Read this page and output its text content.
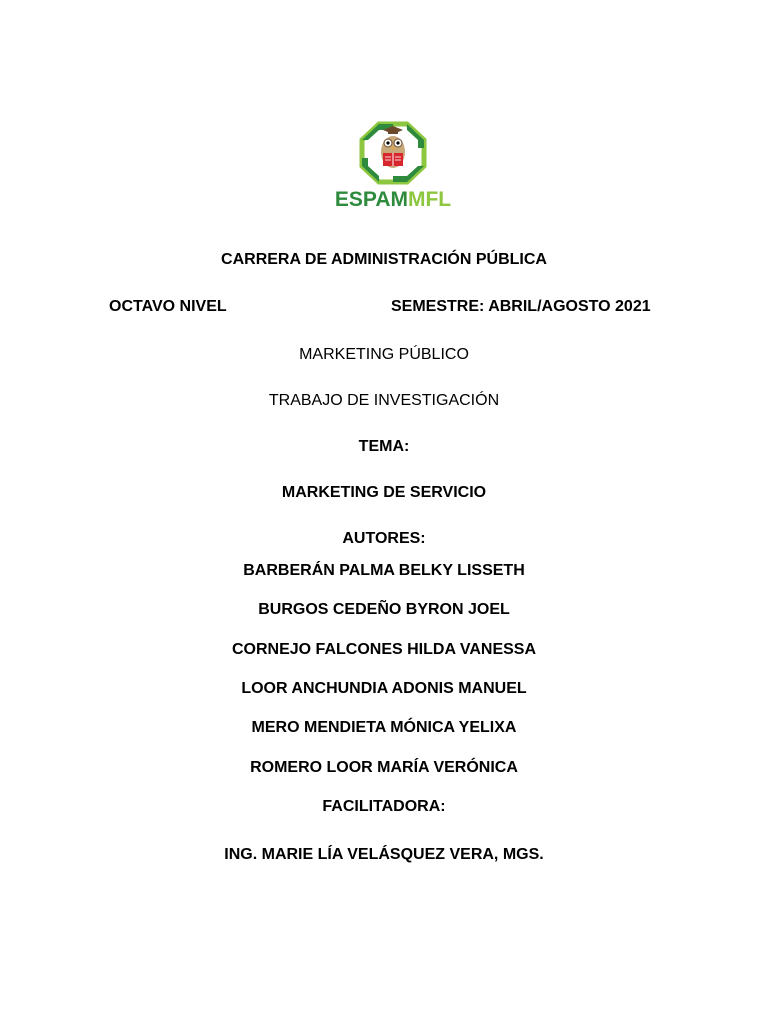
ESPAMMFL
CARRERA DE ADMINISTRACIÓN PÚBLICA
OCTAVO NIVEL	SEMESTRE: ABRIL/AGOSTO 2021
MARKETING PÚBLICO
TRABAJO DE INVESTIGACIÓN
TEMA:
MARKETING DE SERVICIO
AUTORES:
BARBERÁN PALMA BELKY LISSETH
BURGOS CEDEÑO BYRON JOEL
CORNEJO FALCONES HILDA VANESSA
LOOR ANCHUNDIA ADONIS MANUEL
MERO MENDIETA MÓNICA YELIXA
ROMERO LOOR MARÍA VERÓNICA
FACILITADORA:
ING. MARIE LÍA VELÁSQUEZ VERA, MGS.
